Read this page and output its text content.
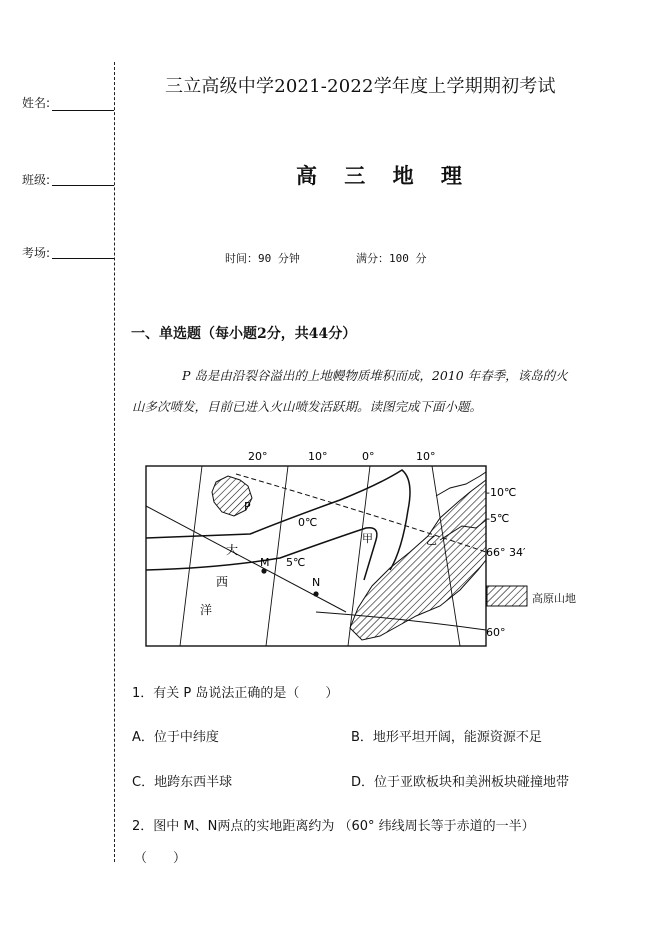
姓名:
班级:
考场:
三立高级中学2021-2022学年度上学期期初考试
高 三 地 理
时间：90 分钟	满分：100 分
一、单选题（每小题2分，共44分）
P 岛是由沿裂谷溢出的上地幔物质堆积而成，2010 年春季，该岛的火
山多次喷发，目前已进入火山喷发活跃期。读图完成下面小题。
20°	10°	0°	10°
-10℃
-5℃
0℃
5℃
66° 34′
60°
P
大
西
洋
M
N
甲	乙
高原山地
1．有关 P 岛说法正确的是（　　）
A．位于中纬度	B．地形平坦开阔，能源资源不足
C．地跨东西半球	D．位于亚欧板块和美洲板块碰撞地带
2．图中 M、N两点的实地距离约为 （60° 纬线周长等于赤道的一半）
（　　）
